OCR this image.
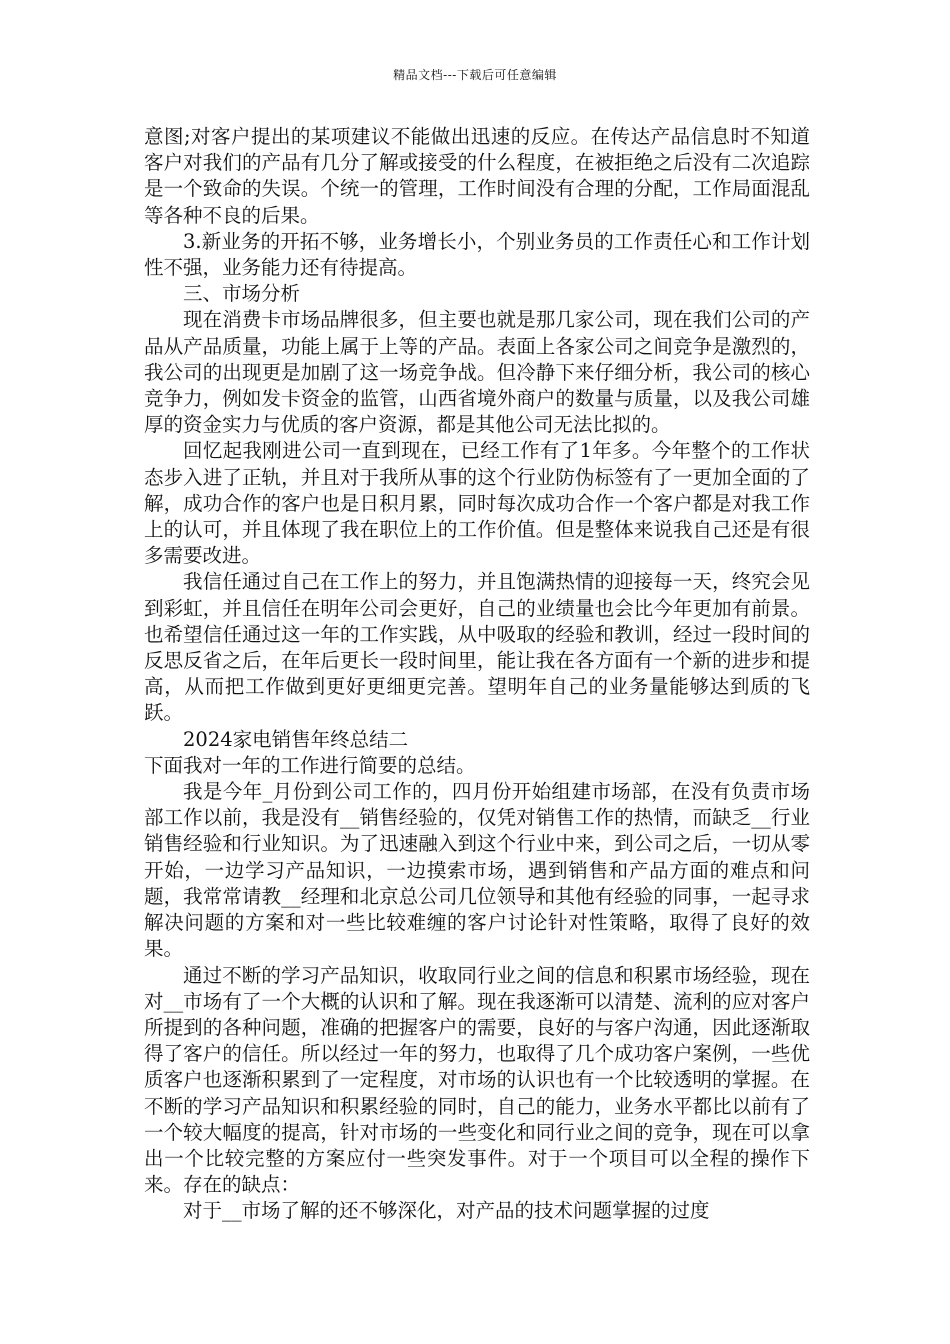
精品文档---下载后可任意编辑

意图;对客户提出的某项建议不能做出迅速的反应。在传达产品信息时不知道客户对我们的产品有几分了解或接受的什么程度，在被拒绝之后没有二次追踪是一个致命的失误。个统一的管理，工作时间没有合理的分配，工作局面混乱等各种不良的后果。

3.新业务的开拓不够，业务增长小，个别业务员的工作责任心和工作计划性不强，业务能力还有待提高。

三、市场分析

现在消费卡市场品牌很多，但主要也就是那几家公司，现在我们公司的产品从产品质量，功能上属于上等的产品。表面上各家公司之间竞争是激烈的，我公司的出现更是加剧了这一场竞争战。但冷静下来仔细分析，我公司的核心竞争力，例如发卡资金的监管，山西省境外商户的数量与质量，以及我公司雄厚的资金实力与优质的客户资源，都是其他公司无法比拟的。

回忆起我刚进公司一直到现在，已经工作有了1年多。今年整个的工作状态步入进了正轨，并且对于我所从事的这个行业防伪标签有了一更加全面的了解，成功合作的客户也是日积月累，同时每次成功合作一个客户都是对我工作上的认可，并且体现了我在职位上的工作价值。但是整体来说我自己还是有很多需要改进。

我信任通过自己在工作上的努力，并且饱满热情的迎接每一天，终究会见到彩虹，并且信任在明年公司会更好，自己的业绩量也会比今年更加有前景。也希望信任通过这一年的工作实践，从中吸取的经验和教训，经过一段时间的反思反省之后，在年后更长一段时间里，能让我在各方面有一个新的进步和提高，从而把工作做到更好更细更完善。望明年自己的业务量能够达到质的飞跃。

2024家电销售年终总结二

下面我对一年的工作进行简要的总结。

我是今年_月份到公司工作的，四月份开始组建市场部，在没有负责市场部工作以前，我是没有__销售经验的，仅凭对销售工作的热情，而缺乏__行业销售经验和行业知识。为了迅速融入到这个行业中来，到公司之后，一切从零开始，一边学习产品知识，一边摸索市场，遇到销售和产品方面的难点和问题，我常常请教__经理和北京总公司几位领导和其他有经验的同事，一起寻求解决问题的方案和对一些比较难缠的客户讨论针对性策略，取得了良好的效果。

通过不断的学习产品知识，收取同行业之间的信息和积累市场经验，现在对__市场有了一个大概的认识和了解。现在我逐渐可以清楚、流利的应对客户所提到的各种问题，准确的把握客户的需要，良好的与客户沟通，因此逐渐取得了客户的信任。所以经过一年的努力，也取得了几个成功客户案例，一些优质客户也逐渐积累到了一定程度，对市场的认识也有一个比较透明的掌握。在不断的学习产品知识和积累经验的同时，自己的能力，业务水平都比以前有了一个较大幅度的提高，针对市场的一些变化和同行业之间的竞争，现在可以拿出一个比较完整的方案应付一些突发事件。对于一个项目可以全程的操作下来。存在的缺点：

对于__市场了解的还不够深化，对产品的技术问题掌握的过度
